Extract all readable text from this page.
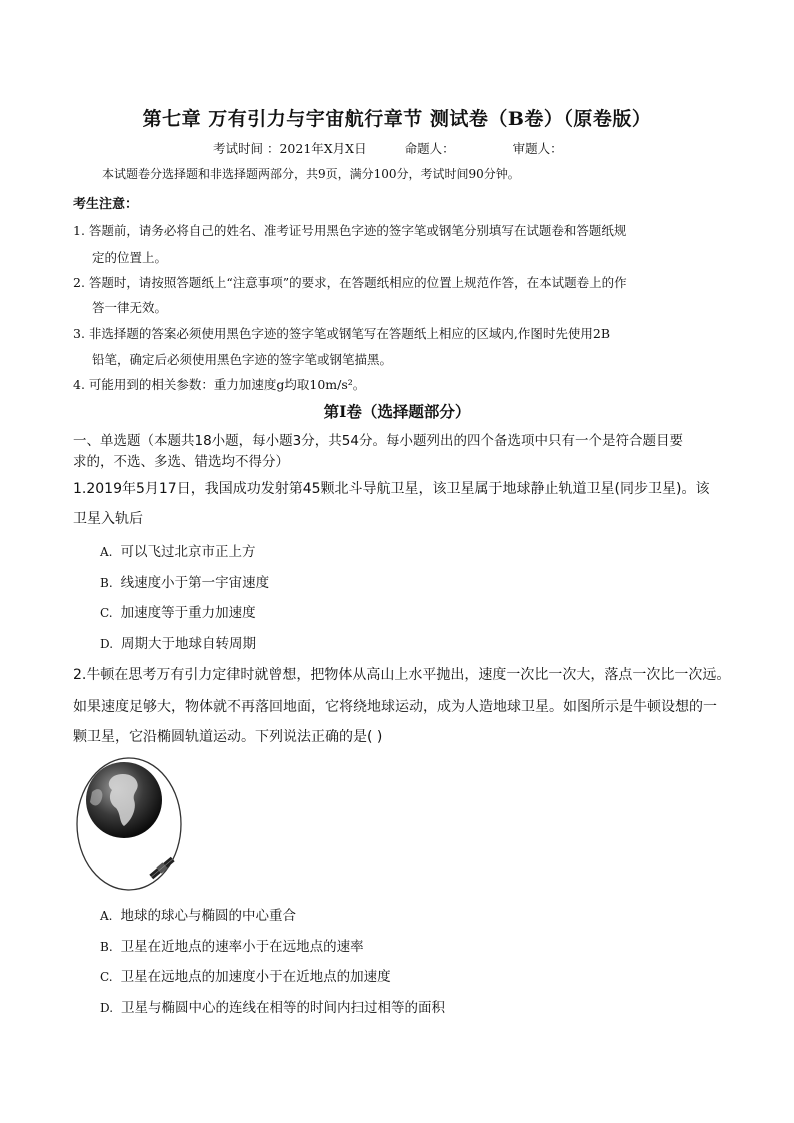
第七章 万有引力与宇宙航行章节 测试卷（B卷）（原卷版）
考试时间 ：2021年X月X日	命题人：	审题人：
本试题卷分选择题和非选择题两部分，共9页，满分100分，考试时间90分钟。
考生注意：
1. 答题前，请务必将自己的姓名、准考证号用黑色字迹的签字笔或钢笔分别填写在试题卷和答题纸规
定的位置上。
2. 答题时，请按照答题纸上“注意事项”的要求，在答题纸相应的位置上规范作答，在本试题卷上的作
答一律无效。
3. 非选择题的答案必须使用黑色字迹的签字笔或钢笔写在答题纸上相应的区域内,作图时先使用2B
铅笔，确定后必须使用黑色字迹的签字笔或钢笔描黑。
4. 可能用到的相关参数：重力加速度g均取10m/s²。
第Ⅰ卷（选择题部分）
一、单选题（本题共18小题，每小题3分，共54分。每小题列出的四个备选项中只有一个是符合题目要
求的，不选、多选、错选均不得分）
1.2019年5月17日，我国成功发射第45颗北斗导航卫星，该卫星属于地球静止轨道卫星(同步卫星)。该
卫星入轨后
A. 可以飞过北京市正上方
B. 线速度小于第一宇宙速度
C. 加速度等于重力加速度
D. 周期大于地球自转周期
2.牛顿在思考万有引力定律时就曾想，把物体从高山上水平抛出，速度一次比一次大，落点一次比一次远。
如果速度足够大，物体就不再落回地面，它将绕地球运动，成为人造地球卫星。如图所示是牛顿设想的一
颗卫星，它沿椭圆轨道运动。下列说法正确的是( )
A. 地球的球心与椭圆的中心重合
B. 卫星在近地点的速率小于在远地点的速率
C. 卫星在远地点的加速度小于在近地点的加速度
D. 卫星与椭圆中心的连线在相等的时间内扫过相等的面积
